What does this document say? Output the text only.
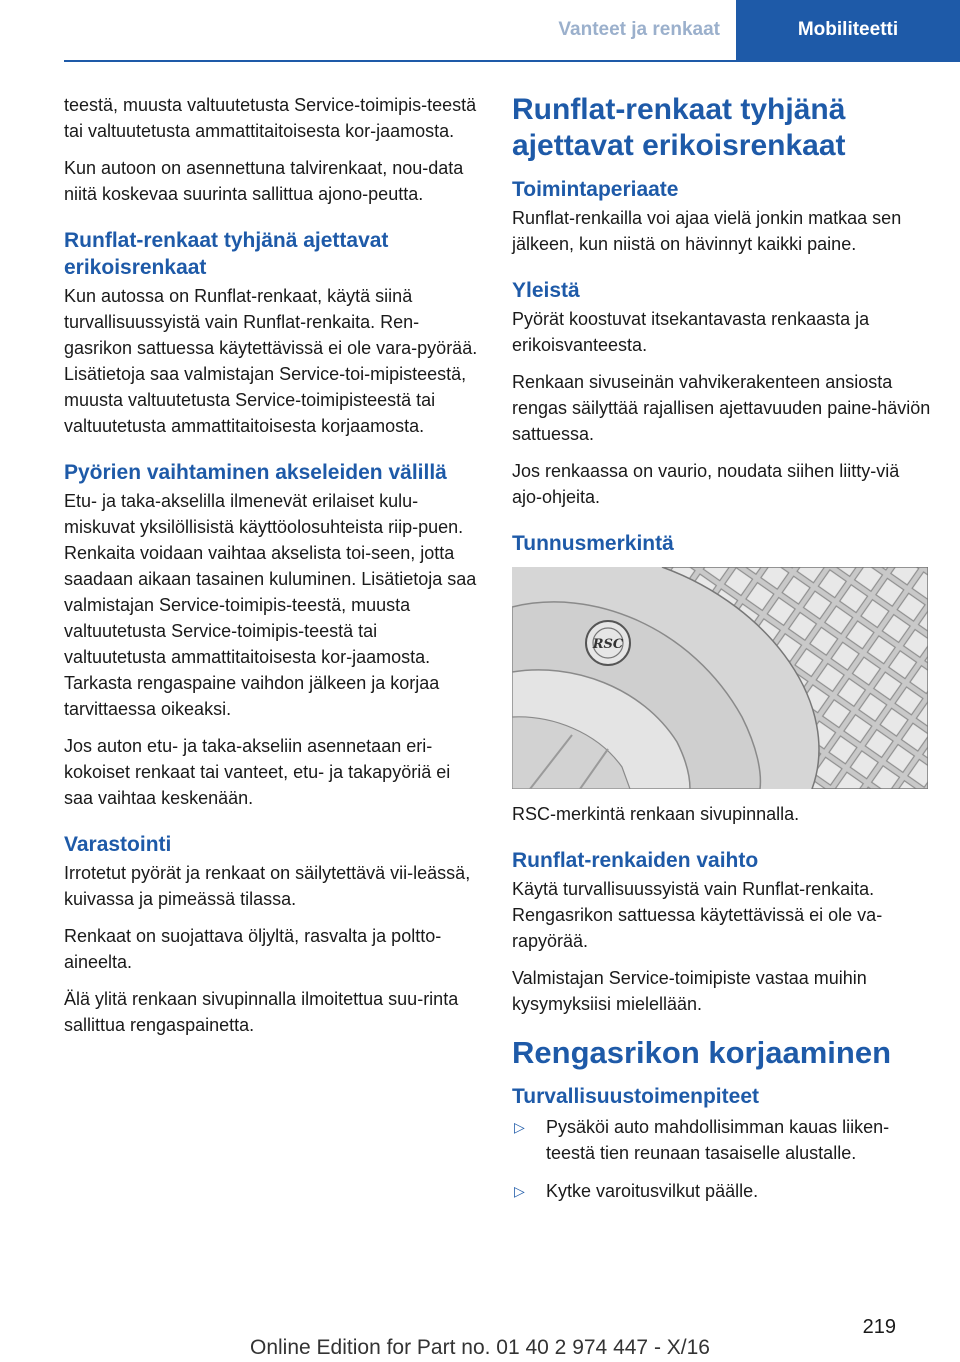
Vanteet ja renkaat	Mobiliteetti

teestä, muusta valtuutetusta Service-toimipis-teestä tai valtuutetusta ammattitaitoisesta kor-jaamosta.

Kun autoon on asennettuna talvirenkaat, nou-data niitä koskevaa suurinta sallittua ajono-peutta.

Runflat-renkaat tyhjänä ajettavat erikoisrenkaat

Kun autossa on Runflat-renkaat, käytä siinä turvallisuussyistä vain Runflat-renkaita. Ren-gasrikon sattuessa käytettävissä ei ole vara-pyörää. Lisätietoja saa valmistajan Service-toi-mipisteestä, muusta valtuutetusta Service-toimipisteestä tai valtuutetusta ammattitaitoisesta korjaamosta.

Pyörien vaihtaminen akseleiden välillä

Etu- ja taka-akselilla ilmenevät erilaiset kulu-miskuvat yksilöllisistä käyttöolosuhteista riip-puen. Renkaita voidaan vaihtaa akselista toi-seen, jotta saadaan aikaan tasainen kuluminen. Lisätietoja saa valmistajan Service-toimipis-teestä, muusta valtuutetusta Service-toimipis-teestä tai valtuutetusta ammattitaitoisesta kor-jaamosta. Tarkasta rengaspaine vaihdon jälkeen ja korjaa tarvittaessa oikeaksi.

Jos auton etu- ja taka-akseliin asennetaan eri-kokoiset renkaat tai vanteet, etu- ja takapyöriä ei saa vaihtaa keskenään.

Varastointi

Irrotetut pyörät ja renkaat on säilytettävä vii-leässä, kuivassa ja pimeässä tilassa.

Renkaat on suojattava öljyltä, rasvalta ja poltto-aineelta.

Älä ylitä renkaan sivupinnalla ilmoitettua suu-rinta sallittua rengaspainetta.

Runflat-renkaat tyhjänä ajettavat erikoisrenkaat
Toimintaperiaate

Runflat-renkailla voi ajaa vielä jonkin matkaa sen jälkeen, kun niistä on hävinnyt kaikki paine.

Yleistä

Pyörät koostuvat itsekantavasta renkaasta ja erikoisvanteesta.

Renkaan sivuseinän vahvikerakenteen ansiosta rengas säilyttää rajallisen ajettavuuden paine-häviön sattuessa.

Jos renkaassa on vaurio, noudata siihen liitty-viä ajo-ohjeita.

Tunnusmerkintä
RSC

RSC-merkintä renkaan sivupinnalla.

Runflat-renkaiden vaihto

Käytä turvallisuussyistä vain Runflat-renkaita. Rengasrikon sattuessa käytettävissä ei ole va-rapyörää.

Valmistajan Service-toimipiste vastaa muihin kysymyksiisi mielellään.

Rengasrikon korjaaminen
Turvallisuustoimenpiteet
▷ Pysäköi auto mahdollisimman kauas liiken-teestä tien reunaan tasaiselle alustalle.
▷ Kytke varoitusvilkut päälle.
219
Online Edition for Part no. 01 40 2 974 447 - X/16
